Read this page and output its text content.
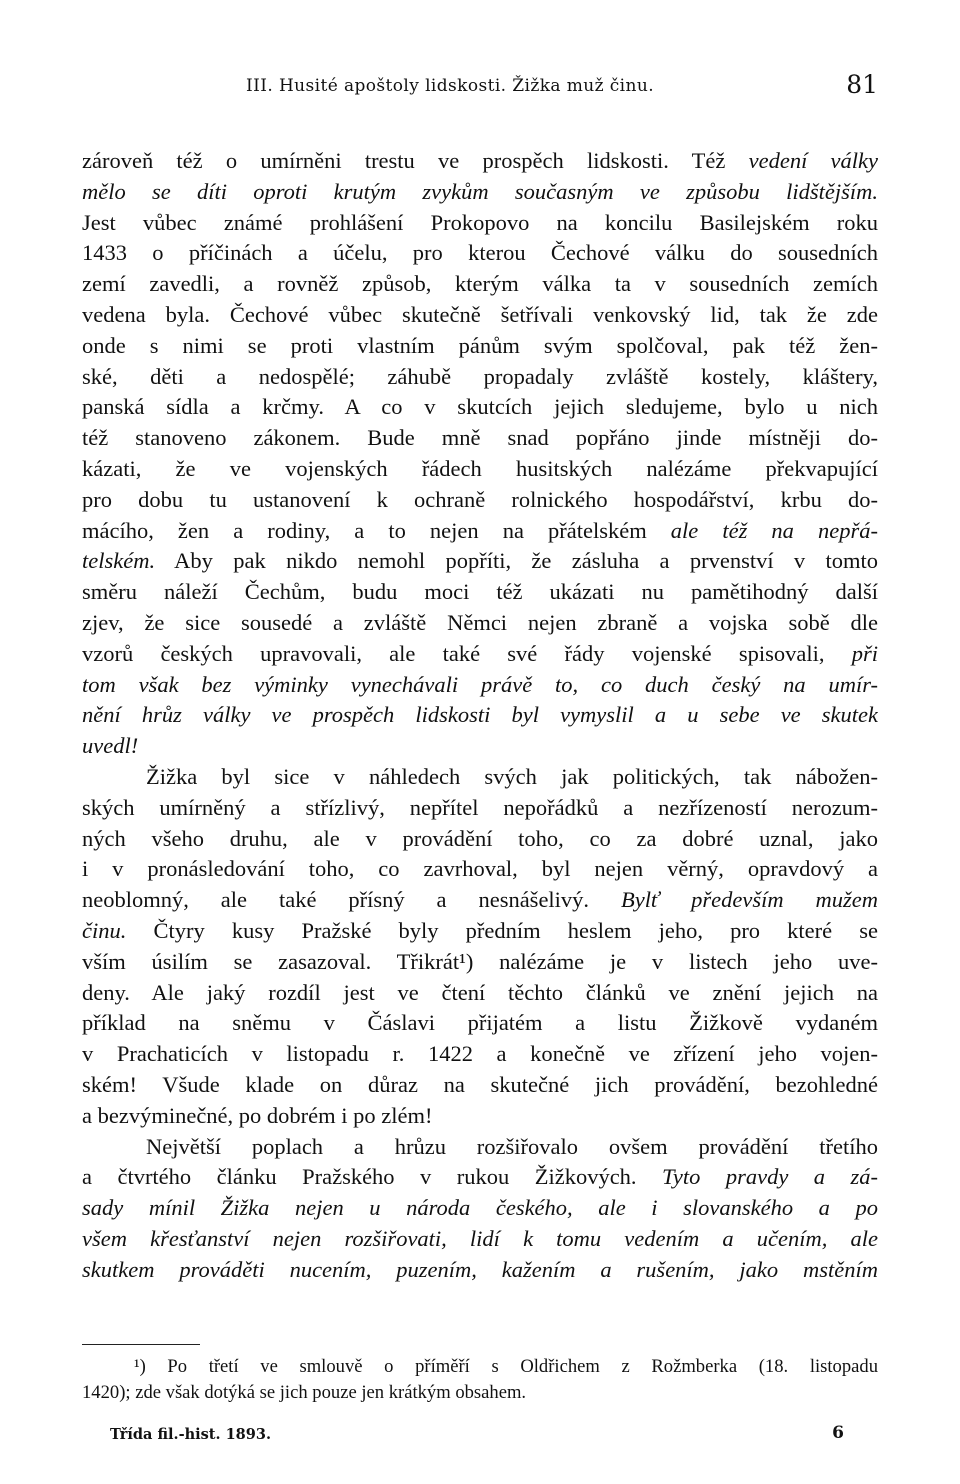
III. Husité apoštoly lidskosti. Žižka muž činu.	81
zároveň též o umírněni trestu ve prospěch lidskosti. Též vedení války
mělo se díti oproti krutým zvykům současným ve způsobu lidštějším.
Jest vůbec známé prohlášení Prokopovo na koncilu Basilejském roku
1433 o příčinách a účelu, pro kterou Čechové válku do sousedních
zemí zavedli, a rovněž způsob, kterým válka ta v sousedních zemích
vedena byla. Čechové vůbec skutečně šetřívali venkovský lid, tak že zde
onde s nimi se proti vlastním pánům svým spolčoval, pak též žen-
ské, děti a nedospělé; záhubě propadaly zvláště kostely, kláštery,
panská sídla a krčmy. A co v skutcích jejich sledujeme, bylo u nich
též stanoveno zákonem. Bude mně snad popřáno jinde místněji do-
kázati, že ve vojenských řádech husitských nalézáme překvapující
pro dobu tu ustanovení k ochraně rolnického hospodářství, krbu do-
mácího, žen a rodiny, a to nejen na přátelském ale též na nepřá-
telském. Aby pak nikdo nemohl popříti, že zásluha a prvenství v tomto
směru náleží Čechům, budu moci též ukázati nu pamětihodný další
zjev, že sice sousedé a zvláště Němci nejen zbraně a vojska sobě dle
vzorů českých upravovali, ale také své řády vojenské spisovali, při
tom však bez výminky vynechávali právě to, co duch český na umír-
nění hrůz války ve prospěch lidskosti byl vymyslil a u sebe ve skutek
uvedl!
Žižka byl sice v náhledech svých jak politických, tak nábožen-
ských umírněný a střízlivý, nepřítel nepořádků a nezřízeností nerozum-
ných všeho druhu, ale v provádění toho, co za dobré uznal, jako
i v pronásledování toho, co zavrhoval, byl nejen věrný, opravdový a
neoblomný, ale také přísný a nesnášelivý. Bylť především mužem
činu. Čtyry kusy Pražské byly předním heslem jeho, pro které se
vším úsilím se zasazoval. Třikrát¹) nalézáme je v listech jeho uve-
deny. Ale jaký rozdíl jest ve čtení těchto článků ve znění jejich na
příklad na sněmu v Čáslavi přijatém a listu Žižkově vydaném
v Prachaticích v listopadu r. 1422 a konečně ve zřízení jeho vojen-
ském! Všude klade on důraz na skutečné jich provádění, bezohledné
a bezvýminečné, po dobrém i po zlém!
Největší poplach a hrůzu rozšiřovalo ovšem provádění třetího
a čtvrtého článku Pražského v rukou Žižkových. Tyto pravdy a zá-
sady mínil Žižka nejen u národa českého, ale i slovanského a po
všem křesťanství nejen rozšiřovati, lidí k tomu vedením a učením, ale
skutkem prováděti nucením, puzením, kažením a rušením, jako mstěním
¹) Po třetí ve smlouvě o příměří s Oldřichem z Rožmberka (18. listopadu
1420); zde však dotýká se jich pouze jen krátkým obsahem.
Třída fil.-hist. 1893.	6
